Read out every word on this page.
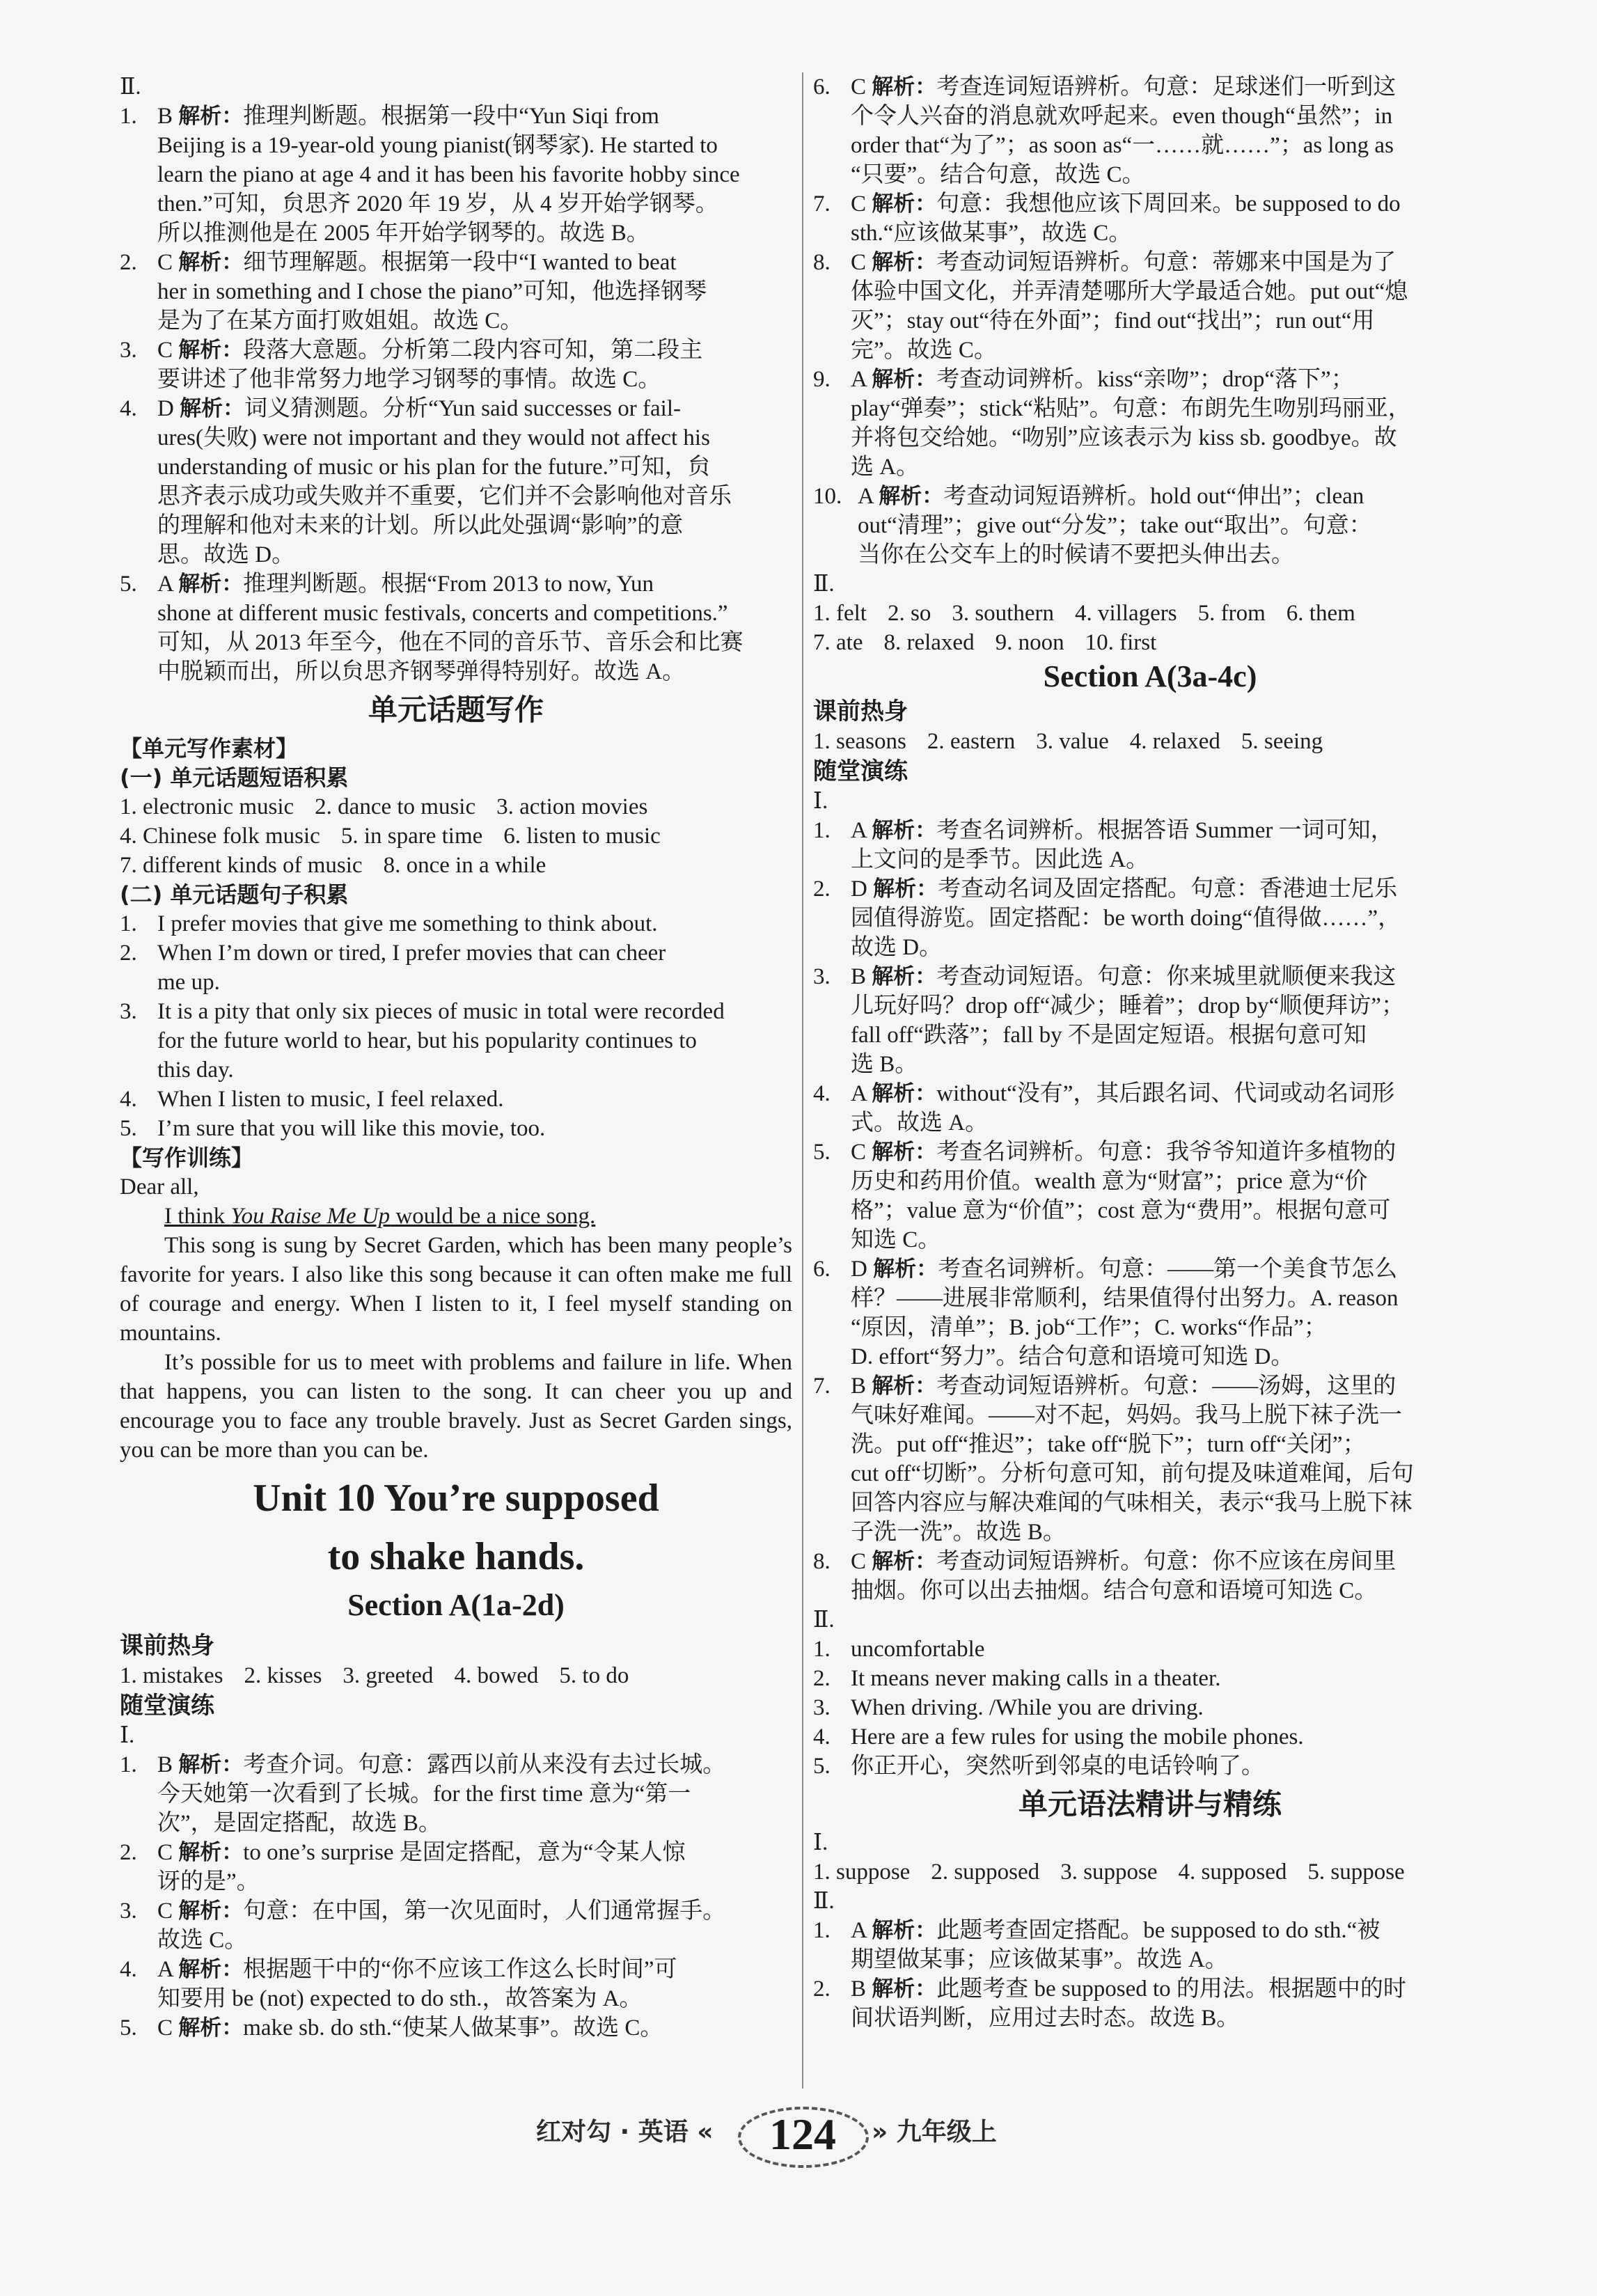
Ⅱ.
1. B 解析：推理判断题。根据第一段中“Yun Siqi from
Beijing is a 19-year-old young pianist(钢琴家). He started to
learn the piano at age 4 and it has been his favorite hobby since
then.”可知，贠思齐 2020 年 19 岁，从 4 岁开始学钢琴。
所以推测他是在 2005 年开始学钢琴的。故选 B。
2. C 解析：细节理解题。根据第一段中“I wanted to beat
her in something and I chose the piano”可知，他选择钢琴
是为了在某方面打败姐姐。故选 C。
3. C 解析：段落大意题。分析第二段内容可知，第二段主
要讲述了他非常努力地学习钢琴的事情。故选 C。
4. D 解析：词义猜测题。分析“Yun said successes or fail-
ures(失败) were not important and they would not affect his
understanding of music or his plan for the future.”可知，贠
思齐表示成功或失败并不重要，它们并不会影响他对音乐
的理解和他对未来的计划。所以此处强调“影响”的意
思。故选 D。
5. A 解析：推理判断题。根据“From 2013 to now, Yun
shone at different music festivals, concerts and competitions.”
可知，从 2013 年至今，他在不同的音乐节、音乐会和比赛
中脱颖而出，所以贠思齐钢琴弹得特别好。故选 A。
单元话题写作
【单元写作素材】
(一) 单元话题短语积累
1. electronic music 2. dance to music 3. action movies
4. Chinese folk music 5. in spare time 6. listen to music
7. different kinds of music 8. once in a while
(二) 单元话题句子积累
1. I prefer movies that give me something to think about.
2. When I’m down or tired, I prefer movies that can cheer
me up.
3. It is a pity that only six pieces of music in total were recorded
for the future world to hear, but his popularity continues to
this day.
4. When I listen to music, I feel relaxed.
5. I’m sure that you will like this movie, too.
【写作训练】
Dear all,
I think You Raise Me Up would be a nice song.
This song is sung by Secret Garden, which has been many people’s favorite for years. I also like this song because it can often make me full of courage and energy. When I listen to it, I feel myself standing on mountains.
It’s possible for us to meet with problems and failure in life. When that happens, you can listen to the song. It can cheer you up and encourage you to face any trouble bravely. Just as Secret Garden sings, you can be more than you can be.
Unit 10 You’re supposed
to shake hands.
Section A(1a-2d)
课前热身
1. mistakes 2. kisses 3. greeted 4. bowed 5. to do
随堂演练
Ⅰ.
1. B 解析：考查介词。句意：露西以前从来没有去过长城。
今天她第一次看到了长城。for the first time 意为“第一
次”，是固定搭配，故选 B。
2. C 解析：to one’s surprise 是固定搭配，意为“令某人惊
讶的是”。
3. C 解析：句意：在中国，第一次见面时，人们通常握手。
故选 C。
4. A 解析：根据题干中的“你不应该工作这么长时间”可
知要用 be (not) expected to do sth.，故答案为 A。
5. C 解析：make sb. do sth.“使某人做某事”。故选 C。
6. C 解析：考查连词短语辨析。句意：足球迷们一听到这
个令人兴奋的消息就欢呼起来。even though“虽然”；in
order that“为了”；as soon as“一……就……”；as long as
“只要”。结合句意，故选 C。
7. C 解析：句意：我想他应该下周回来。be supposed to do
sth.“应该做某事”，故选 C。
8. C 解析：考查动词短语辨析。句意：蒂娜来中国是为了
体验中国文化，并弄清楚哪所大学最适合她。put out“熄
灭”；stay out“待在外面”；find out“找出”；run out“用
完”。故选 C。
9. A 解析：考查动词辨析。kiss“亲吻”；drop“落下”；
play“弹奏”；stick“粘贴”。句意：布朗先生吻别玛丽亚，
并将包交给她。“吻别”应该表示为 kiss sb. goodbye。故
选 A。
10. A 解析：考查动词短语辨析。hold out“伸出”；clean
out“清理”；give out“分发”；take out“取出”。句意：
当你在公交车上的时候请不要把头伸出去。
Ⅱ.
1. felt 2. so 3. southern 4. villagers 5. from 6. them
7. ate 8. relaxed 9. noon 10. first
Section A(3a-4c)
课前热身
1. seasons 2. eastern 3. value 4. relaxed 5. seeing
随堂演练
Ⅰ.
1. A 解析：考查名词辨析。根据答语 Summer 一词可知，
上文问的是季节。因此选 A。
2. D 解析：考查动名词及固定搭配。句意：香港迪士尼乐
园值得游览。固定搭配：be worth doing“值得做……”，
故选 D。
3. B 解析：考查动词短语。句意：你来城里就顺便来我这
儿玩好吗？drop off“减少；睡着”；drop by“顺便拜访”；
fall off“跌落”；fall by 不是固定短语。根据句意可知
选 B。
4. A 解析：without“没有”，其后跟名词、代词或动名词形
式。故选 A。
5. C 解析：考查名词辨析。句意：我爷爷知道许多植物的
历史和药用价值。wealth 意为“财富”；price 意为“价
格”；value 意为“价值”；cost 意为“费用”。根据句意可
知选 C。
6. D 解析：考查名词辨析。句意：——第一个美食节怎么
样？——进展非常顺利，结果值得付出努力。A. reason
“原因，清单”；B. job“工作”；C. works“作品”；
D. effort“努力”。结合句意和语境可知选 D。
7. B 解析：考查动词短语辨析。句意：——汤姆，这里的
气味好难闻。——对不起，妈妈。我马上脱下袜子洗一
洗。put off“推迟”；take off“脱下”；turn off“关闭”；
cut off“切断”。分析句意可知，前句提及味道难闻，后句
回答内容应与解决难闻的气味相关，表示“我马上脱下袜
子洗一洗”。故选 B。
8. C 解析：考查动词短语辨析。句意：你不应该在房间里
抽烟。你可以出去抽烟。结合句意和语境可知选 C。
Ⅱ.
1. uncomfortable
2. It means never making calls in a theater.
3. When driving. /While you are driving.
4. Here are a few rules for using the mobile phones.
5. 你正开心，突然听到邻桌的电话铃响了。
单元语法精讲与精练
Ⅰ.
1. suppose 2. supposed 3. suppose 4. supposed 5. suppose
Ⅱ.
1. A 解析：此题考查固定搭配。be supposed to do sth.“被
期望做某事；应该做某事”。故选 A。
2. B 解析：此题考查 be supposed to 的用法。根据题中的时
间状语判断，应用过去时态。故选 B。
红对勾 · 英语 «	124	» 九年级上
